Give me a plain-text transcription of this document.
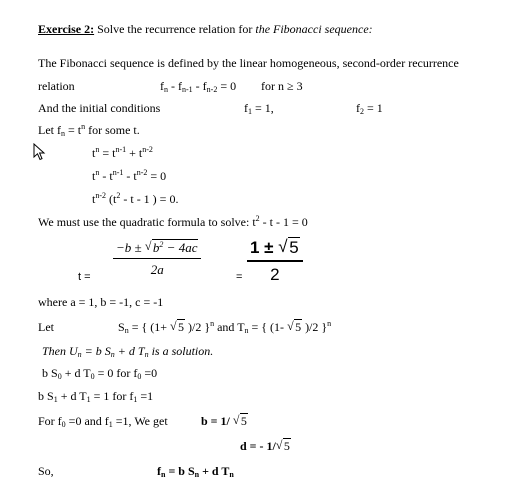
Exercise 2: Solve the recurrence relation for the Fibonacci sequence:
The Fibonacci sequence is defined by the linear homogeneous, second-order recurrence
relation	fn - fn-1 - fn-2 = 0 for n ≥ 3
And the initial conditions	f1 = 1,	f2 = 1
Let fn = $t^n$ for some t.
$t^n = t^{n-1} + t^{n-2}$
$t^n - t^{n-1} - t^{n-2} = 0$
$t^{n-2}$ ($t^2$ - t - 1 ) = 0.
We must use the quadratic formula to solve: $t^2 - t - 1 = 0$
$\frac{-b \pm √ b^2 - 4ac}{2a}$
t =	= $\frac{1 \pm √ 5}{2}$
where a = 1, b = -1, c = -1
Let	Sn = { (1+ √ 5 )/2 }$^n$ and Tn = { (1- √ 5 )/2 }$^n$
Then Un = b Sn + d Tn is a solution.
b S0 + d T0 = 0 for f0 =0
b S1 + d T1 = 1 for f1 =1
For f0 =0 and f1 =1, We get	b = 1/ √ 5
d = - 1/ √ 5
So,	fn = b Sn + d Tn
